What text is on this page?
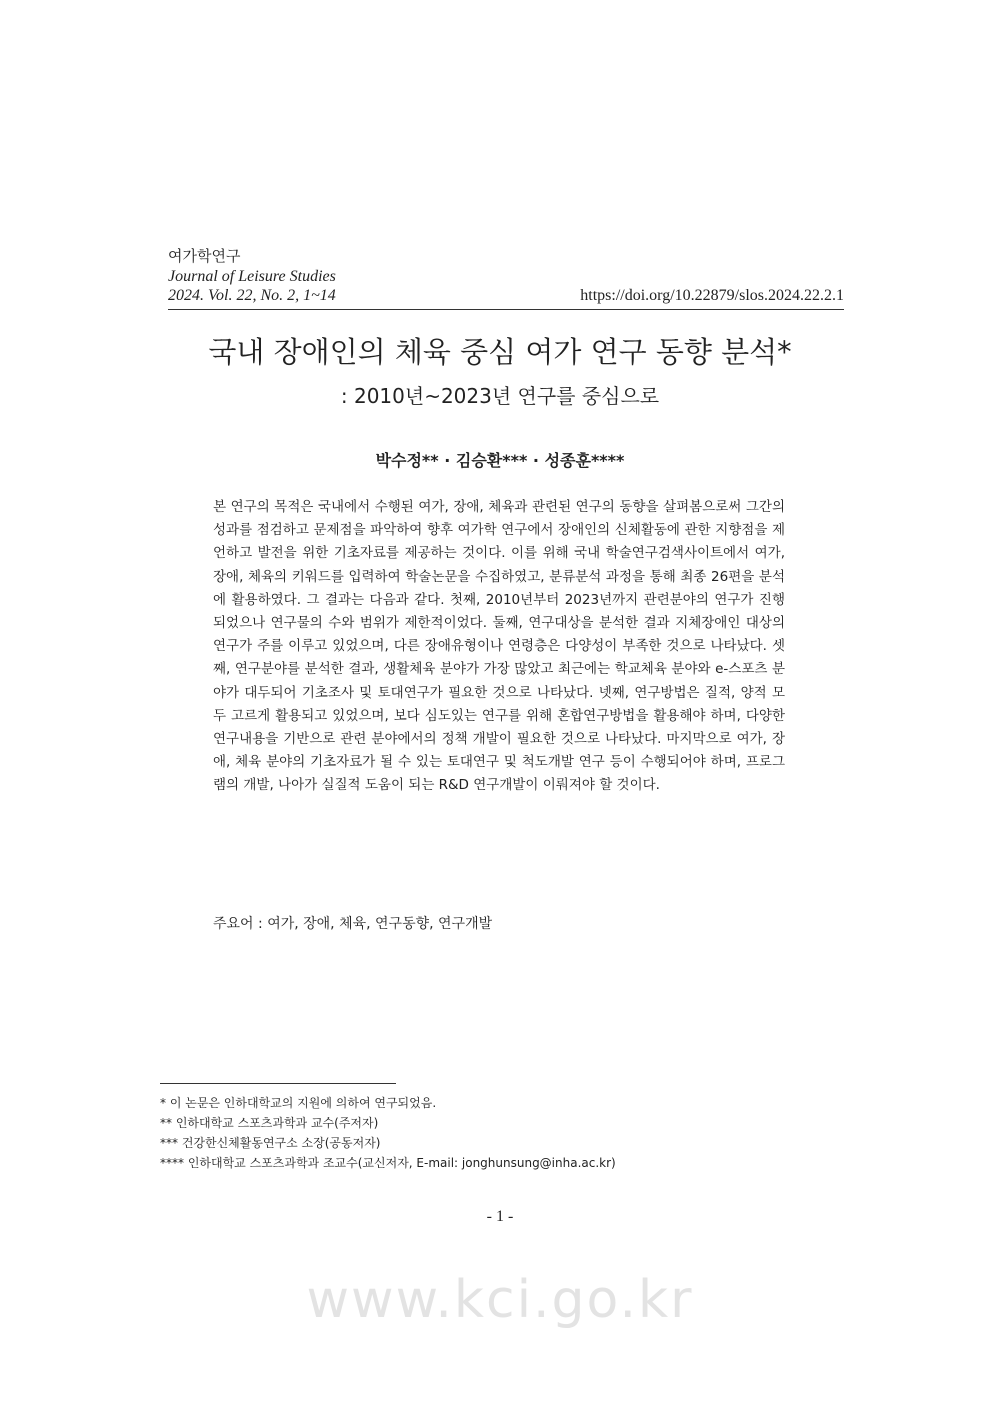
여가학연구

Journal of Leisure Studies

2024. Vol. 22, No. 2, 1~14	https://doi.org/10.22879/slos.2024.22.2.1
국내 장애인의 체육 중심 여가 연구 동향 분석*

: 2010년~2023년 연구를 중심으로

박수정** · 김승환*** · 성종훈****

본 연구의 목적은 국내에서 수행된 여가, 장애, 체육과 관련된 연구의 동향을 살펴봄으로써 그간의 성과를 점검하고 문제점을 파악하여 향후 여가학 연구에서 장애인의 신체활동에 관한 지향점을 제언하고 발전을 위한 기초자료를 제공하는 것이다. 이를 위해 국내 학술연구검색사이트에서 여가, 장애, 체육의 키워드를 입력하여 학술논문을 수집하였고, 분류분석 과정을 통해 최종 26편을 분석에 활용하였다. 그 결과는 다음과 같다. 첫째, 2010년부터 2023년까지 관련분야의 연구가 진행되었으나 연구물의 수와 범위가 제한적이었다. 둘째, 연구대상을 분석한 결과 지체장애인 대상의 연구가 주를 이루고 있었으며, 다른 장애유형이나 연령층은 다양성이 부족한 것으로 나타났다. 셋째, 연구분야를 분석한 결과, 생활체육 분야가 가장 많았고 최근에는 학교체육 분야와 e-스포츠 분야가 대두되어 기초조사 및 토대연구가 필요한 것으로 나타났다. 넷째, 연구방법은 질적, 양적 모두 고르게 활용되고 있었으며, 보다 심도있는 연구를 위해 혼합연구방법을 활용해야 하며, 다양한 연구내용을 기반으로 관련 분야에서의 정책 개발이 필요한 것으로 나타났다. 마지막으로 여가, 장애, 체육 분야의 기초자료가 될 수 있는 토대연구 및 척도개발 연구 등이 수행되어야 하며, 프로그램의 개발, 나아가 실질적 도움이 되는 R&D 연구개발이 이뤄져야 할 것이다.

주요어 : 여가, 장애, 체육, 연구동향, 연구개발

* 이 논문은 인하대학교의 지원에 의하여 연구되었음.
** 인하대학교 스포츠과학과 교수(주저자)
*** 건강한신체활동연구소 소장(공동저자)
**** 인하대학교 스포츠과학과 조교수(교신저자, E-mail: jonghunsung@inha.ac.kr)
- 1 -
www.kci.go.kr
